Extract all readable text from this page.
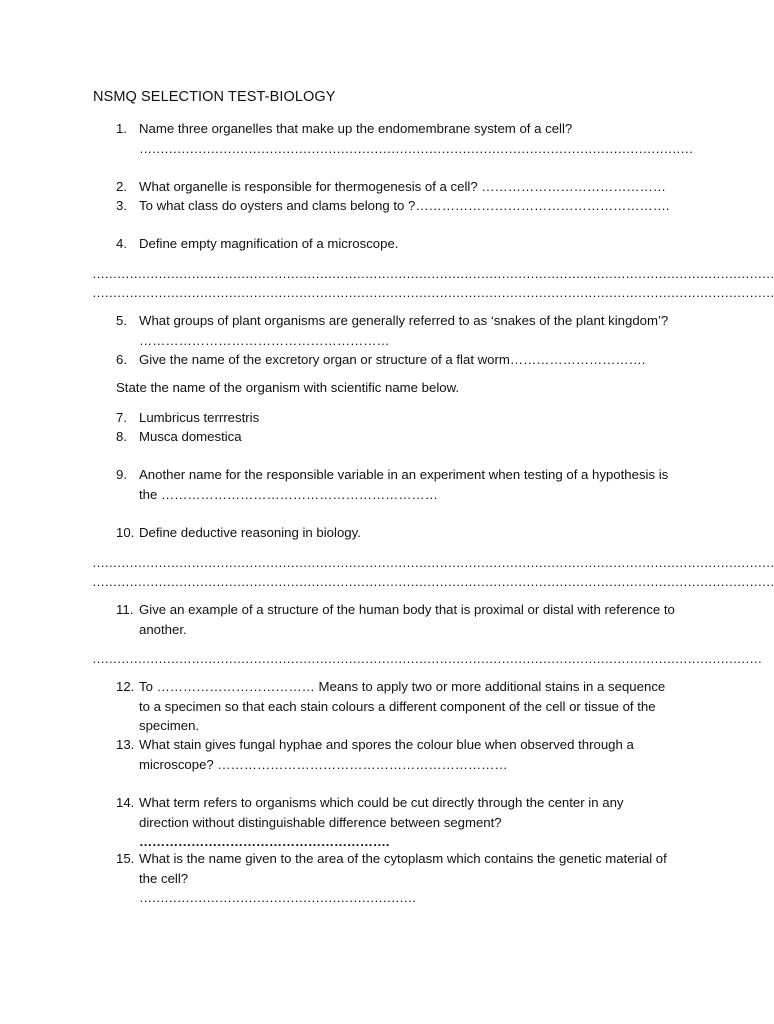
NSMQ SELECTION TEST-BIOLOGY
1. Name three organelles that make up the endomembrane system of a cell?
……………………………………………………………………………………………………………………
2. What organelle is responsible for thermogenesis of a cell? ……………………………………
3. To what class do oysters and clams belong to ?………………………………………………….
4. Define empty magnification of a microscope.
…………………………………………………………………………………………………………………………………………………
…………………………………………………………………………………………………………………………………………………
5. What groups of plant organisms are generally referred to as ‘snakes of the plant kingdom’? …………………………………………………
6. Give the name of the excretory organ or structure of a flat worm………………………….
State the name of the organism with scientific name below.
7. Lumbricus terrrestris
8. Musca domestica
9. Another name for the responsible variable in an experiment when testing of a hypothesis is the ………………………………………………………
10. Define deductive reasoning in biology.
…………………………………………………………………………………………………………………………………………………
…………………………………………………………………………………………………………………………………………………
11. Give an example of a structure of the human body that is proximal or distal with reference to another.
………………………………………………………………………………………………………………………………………………
12. To ……………………………… Means to apply two or more additional stains in a sequence to a specimen so that each stain colours a different component of the cell or tissue of the specimen.
13. What stain gives fungal hyphae and spores the colour blue when observed through a microscope? …………………………………………………………
14. What term refers to organisms which could be cut directly through the center in any direction without distinguishable difference between segment?
………………………………………………….
15. What is the name given to the area of the cytoplasm which contains the genetic material of the cell?
…………………………………………………………
